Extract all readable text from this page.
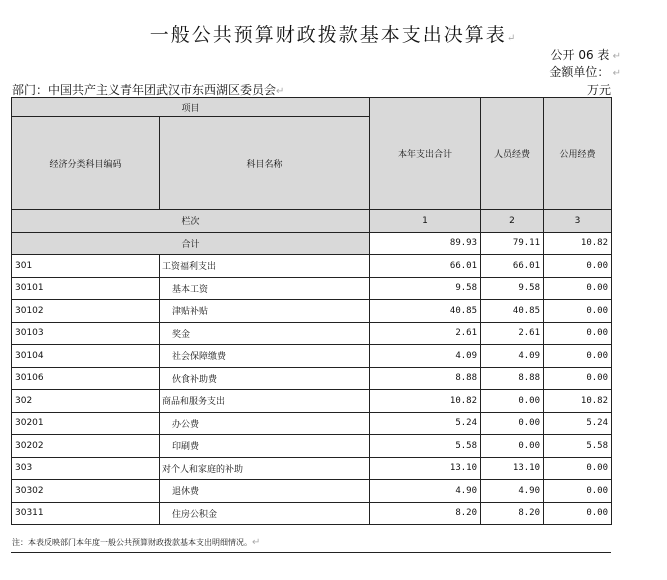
一般公共预算财政拨款基本支出决算表↵
公开 06 表 ↵
金额单位： ↵
部门：中国共产主义青年团武汉市东西湖区委员会↵	万元
项目		本年支出合计	人员经费	公用经费
经济分类科目编码	科目名称			
栏次		1	2	3
合计		89.93	79.11	10.82
301	工资福利支出	66.01	66.01	0.00
30101	基本工资	9.58	9.58	0.00
30102	津贴补贴	40.85	40.85	0.00
30103	奖金	2.61	2.61	0.00
30104	社会保障缴费	4.09	4.09	0.00
30106	伙食补助费	8.88	8.88	0.00
302	商品和服务支出	10.82	0.00	10.82
30201	办公费	5.24	0.00	5.24
30202	印刷费	5.58	0.00	5.58
303	对个人和家庭的补助	13.10	13.10	0.00
30302	退休费	4.90	4.90	0.00
30311	住房公积金	8.20	8.20	0.00
注：本表反映部门本年度一般公共预算财政拨款基本支出明细情况。↵
